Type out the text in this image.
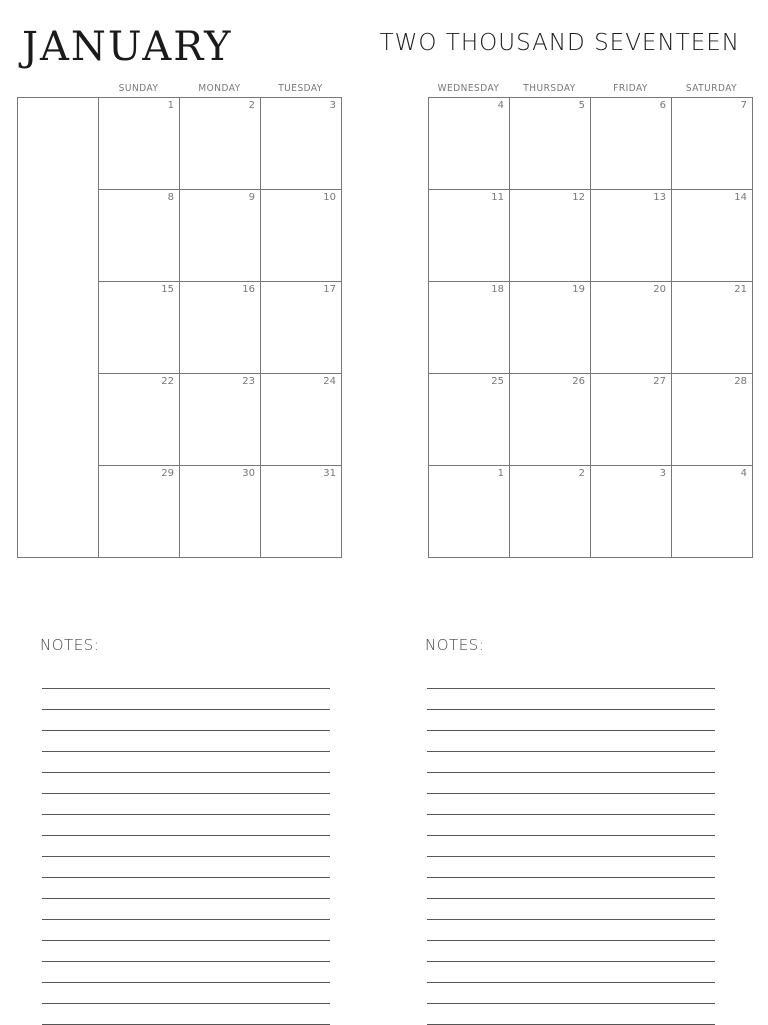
JANUARY	TWO THOUSAND SEVENTEEN
SUNDAY	MONDAY	TUESDAY
1	2	3
8	9	10
15	16	17
22	23	24
29	30	31
WEDNESDAY	THURSDAY	FRIDAY	SATURDAY
4	5	6	7
11	12	13	14
18	19	20	21
25	26	27	28
1	2	3	4
NOTES:	NOTES:
